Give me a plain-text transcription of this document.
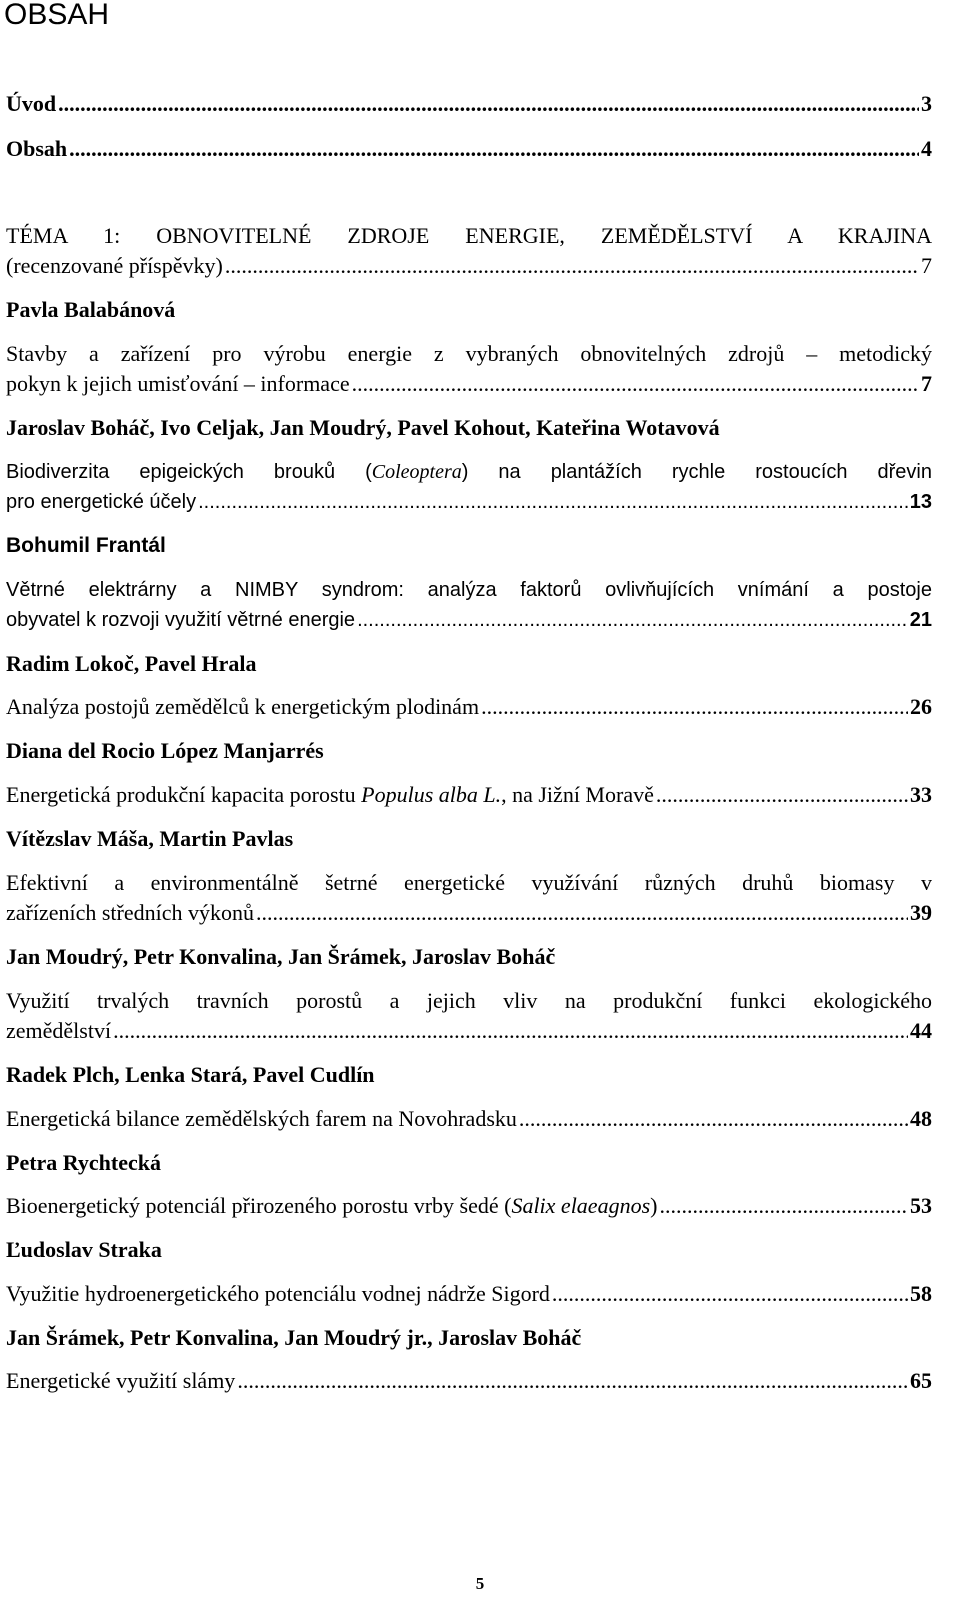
OBSAH
Úvod .....	3
Obsah .....	4
TÉMA 1: OBNOVITELNÉ ZDROJE ENERGIE, ZEMĚDĚLSTVÍ A KRAJINA
(recenzované příspěvky) .....	7
Pavla Balabánová
Stavby a zařízení pro výrobu energie z vybraných obnovitelných zdrojů – metodický
pokyn k jejich umisťování – informace .....	7
Jaroslav Boháč, Ivo Celjak, Jan Moudrý, Pavel Kohout, Kateřina Wotavová
Biodiverzita epigeických brouků (Coleoptera) na plantážích rychle rostoucích dřevin
pro energetické účely .....	13
Bohumil Frantál
Větrné elektrárny a NIMBY syndrom: analýza faktorů ovlivňujících vnímání a postoje
obyvatel k rozvoji využití větrné energie .....	21
Radim Lokoč, Pavel Hrala
Analýza postojů zemědělců k energetickým plodinám .....	26
Diana del Rocio López Manjarrés
Energetická produkční kapacita porostu Populus alba L., na Jižní Moravě .....	33
Vítězslav Máša, Martin Pavlas
Efektivní a environmentálně šetrné energetické využívání různých druhů biomasy v
zařízeních středních výkonů .....	39
Jan Moudrý, Petr Konvalina, Jan Šrámek, Jaroslav Boháč
Využití trvalých travních porostů a jejich vliv na produkční funkci ekologického
zemědělství .....	44
Radek Plch, Lenka Stará, Pavel Cudlín
Energetická bilance zemědělských farem na Novohradsku .....	48
Petra Rychtecká
Bioenergetický potenciál přirozeného porostu vrby šedé (Salix elaeagnos) .....	53
Ľudoslav Straka
Využitie hydroenergetického potenciálu vodnej nádrže Sigord .....	58
Jan Šrámek, Petr Konvalina, Jan Moudrý jr., Jaroslav Boháč
Energetické využití slámy .....	65
5
